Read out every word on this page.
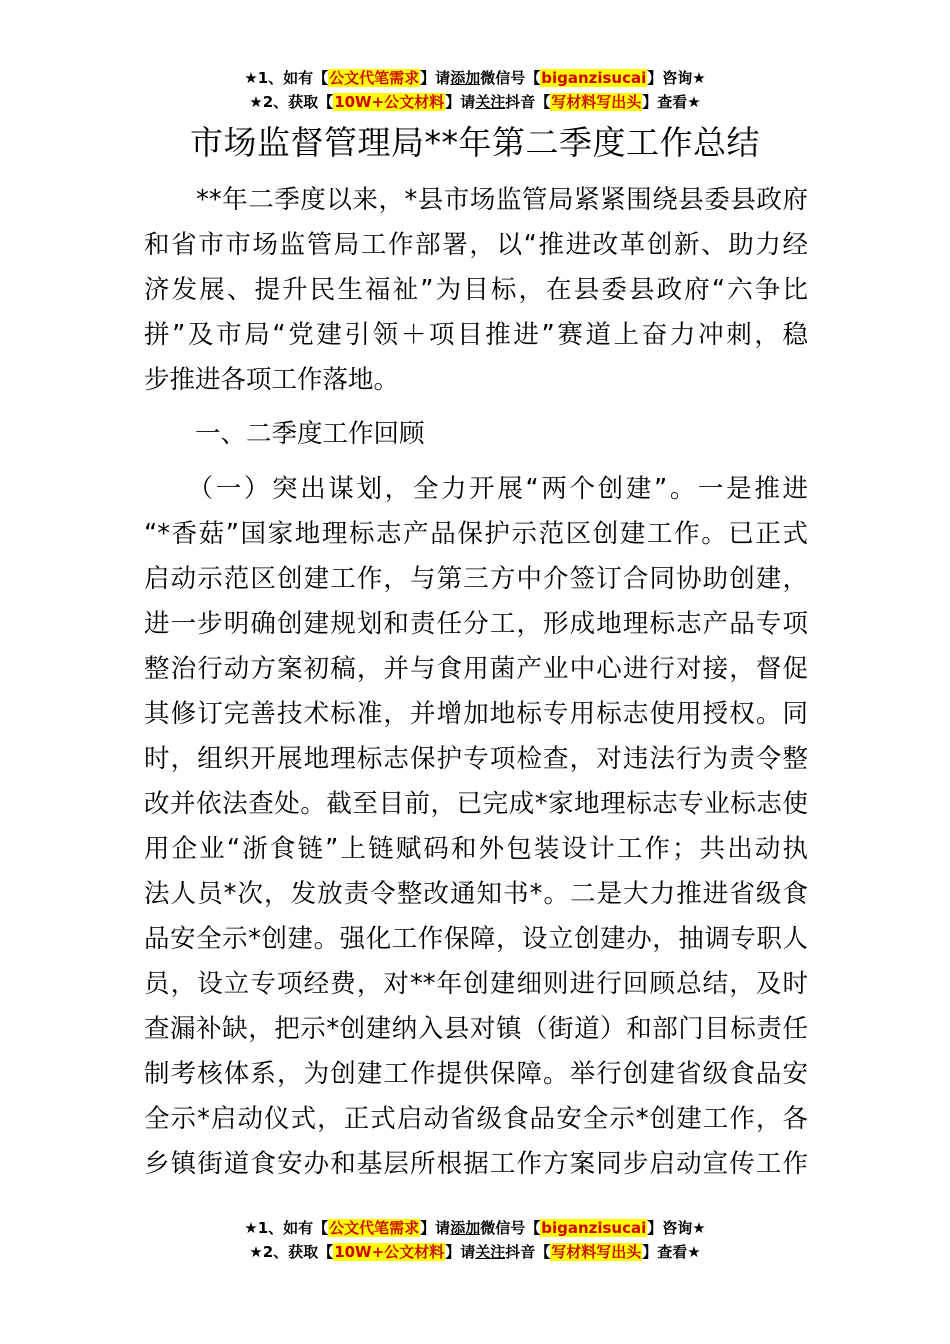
★1、如有【公文代笔需求】请添加微信号【biganzisucai】咨询★
★2、获取【10W+公文材料】请关注抖音【写材料写出头】查看★
市场监督管理局**年第二季度工作总结
　　**年二季度以来，*县市场监管局紧紧围绕县委县政府
和省市市场监管局工作部署，以“推进改革创新、助力经
济发展、提升民生福祉”为目标，在县委县政府“六争比
拼”及市局“党建引领＋项目推进”赛道上奋力冲刺，稳
步推进各项工作落地。
　　一、二季度工作回顾
　　（一）突出谋划，全力开展“两个创建”。一是推进
“*香菇”国家地理标志产品保护示范区创建工作。已正式
启动示范区创建工作，与第三方中介签订合同协助创建，
进一步明确创建规划和责任分工，形成地理标志产品专项
整治行动方案初稿，并与食用菌产业中心进行对接，督促
其修订完善技术标准，并增加地标专用标志使用授权。同
时，组织开展地理标志保护专项检查，对违法行为责令整
改并依法查处。截至目前，已完成*家地理标志专业标志使
用企业“浙食链”上链赋码和外包装设计工作；共出动执
法人员*次，发放责令整改通知书*。二是大力推进省级食
品安全示*创建。强化工作保障，设立创建办，抽调专职人
员，设立专项经费，对**年创建细则进行回顾总结，及时
查漏补缺，把示*创建纳入县对镇（街道）和部门目标责任
制考核体系，为创建工作提供保障。举行创建省级食品安
全示*启动仪式，正式启动省级食品安全示*创建工作，各
乡镇街道食安办和基层所根据工作方案同步启动宣传工作
★1、如有【公文代笔需求】请添加微信号【biganzisucai】咨询★
★2、获取【10W+公文材料】请关注抖音【写材料写出头】查看★
